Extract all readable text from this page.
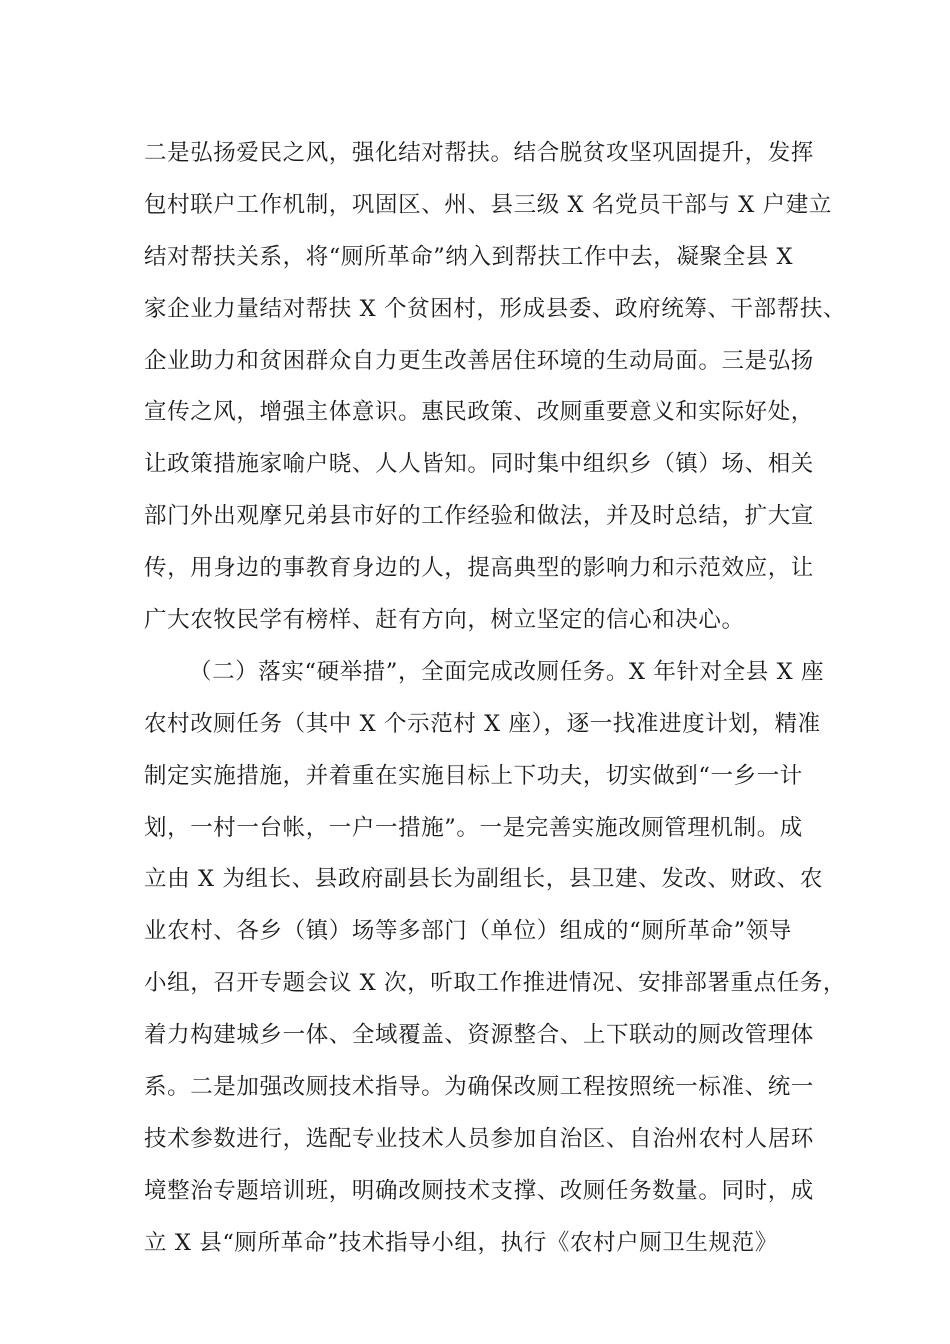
二是弘扬爱民之风，强化结对帮扶。结合脱贫攻坚巩固提升，发挥
包村联户工作机制，巩固区、州、县三级 X 名党员干部与 X 户建立
结对帮扶关系，将“厕所革命”纳入到帮扶工作中去，凝聚全县 X
家企业力量结对帮扶 X 个贫困村，形成县委、政府统筹、干部帮扶、
企业助力和贫困群众自力更生改善居住环境的生动局面。三是弘扬
宣传之风，增强主体意识。惠民政策、改厕重要意义和实际好处，
让政策措施家喻户晓、人人皆知。同时集中组织乡（镇）场、相关
部门外出观摩兄弟县市好的工作经验和做法，并及时总结，扩大宣
传，用身边的事教育身边的人，提高典型的影响力和示范效应，让
广大农牧民学有榜样、赶有方向，树立坚定的信心和决心。
（二）落实“硬举措”，全面完成改厕任务。X 年针对全县 X 座
农村改厕任务（其中 X 个示范村 X 座），逐一找准进度计划，精准
制定实施措施，并着重在实施目标上下功夫，切实做到“一乡一计
划，一村一台帐，一户一措施”。一是完善实施改厕管理机制。成
立由 X 为组长、县政府副县长为副组长，县卫建、发改、财政、农
业农村、各乡（镇）场等多部门（单位）组成的“厕所革命”领导
小组，召开专题会议 X 次，听取工作推进情况、安排部署重点任务，
着力构建城乡一体、全域覆盖、资源整合、上下联动的厕改管理体
系。二是加强改厕技术指导。为确保改厕工程按照统一标准、统一
技术参数进行，选配专业技术人员参加自治区、自治州农村人居环
境整治专题培训班，明确改厕技术支撑、改厕任务数量。同时，成
立 X 县“厕所革命”技术指导小组，执行《农村户厕卫生规范》
